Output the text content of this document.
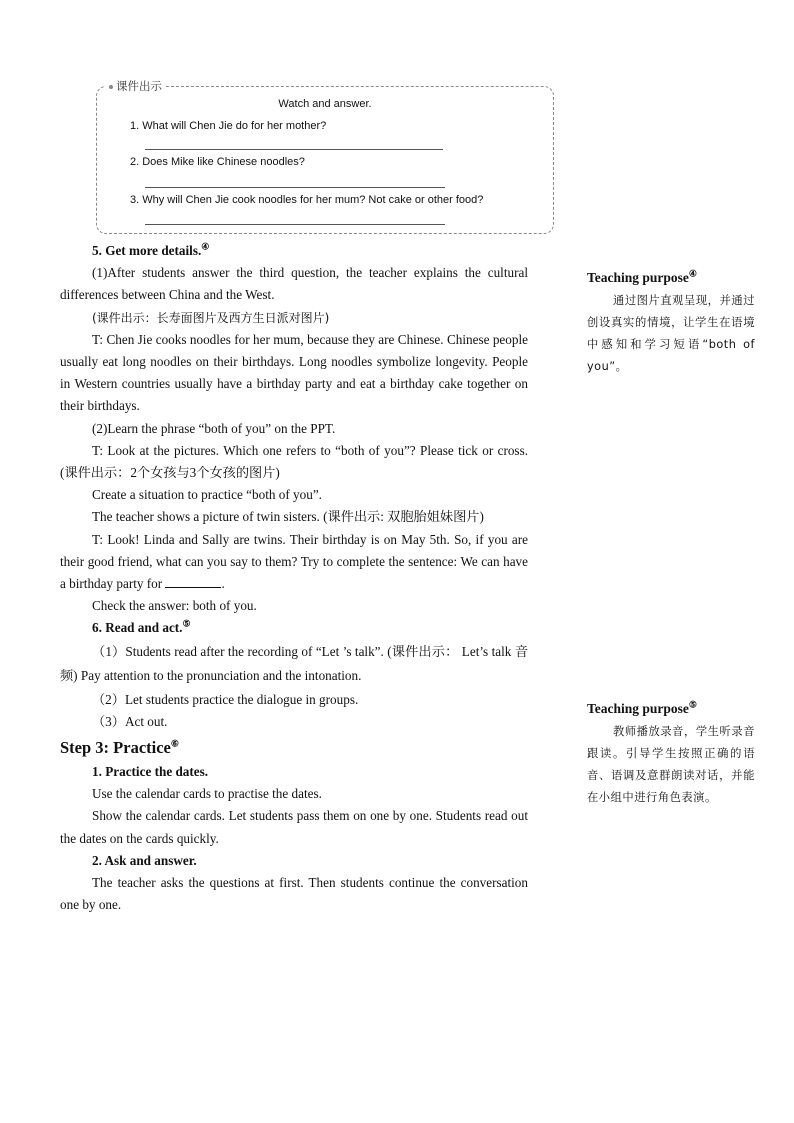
课件出示
Watch and answer.
1. What will Chen Jie do for her mother?
2. Does Mike like Chinese noodles?
3. Why will Chen Jie cook noodles for her mum? Not cake or other food?

5. Get more details.④

(1)After students answer the third question, the teacher explains the cultural differences between China and the West.

(课件出示：长寿面图片及西方生日派对图片)

T: Chen Jie cooks noodles for her mum, because they are Chinese. Chinese people usually eat long noodles on their birthdays. Long noodles symbolize longevity. People in Western countries usually have a birthday party and eat a birthday cake together on their birthdays.

(2)Learn the phrase “both of you” on the PPT.

T: Look at the pictures. Which one refers to “both of you”? Please tick or cross. (课件出示：2个女孩与3个女孩的图片)

Create a situation to practice “both of you”.

The teacher shows a picture of twin sisters. (课件出示: 双胞胎姐妹图片)

T: Look! Linda and Sally are twins. Their birthday is on May 5th. So, if you are their good friend, what can you say to them? Try to complete the sentence: We can have a birthday party for	.

Check the answer: both of you.

6. Read and act.⑤

（1）Students read after the recording of “Let ’s talk”. (课件出示： Let’s talk 音频) Pay attention to the pronunciation and the intonation.

（2）Let students practice the dialogue in groups.

（3）Act out.

Step 3: Practice⑥

1. Practice the dates.

Use the calendar cards to practise the dates.

Show the calendar cards. Let students pass them on one by one. Students read out the dates on the cards quickly.

2. Ask and answer.

The teacher asks the questions at first. Then students continue the conversation one by one.

Teaching purpose④

通过图片直观呈现，并通过创设真实的情境，让学生在语境中感知和学习短语“both of you”。

Teaching purpose⑤

教师播放录音，学生听录音跟读。引导学生按照正确的语音、语调及意群朗读对话，并能在小组中进行角色表演。
